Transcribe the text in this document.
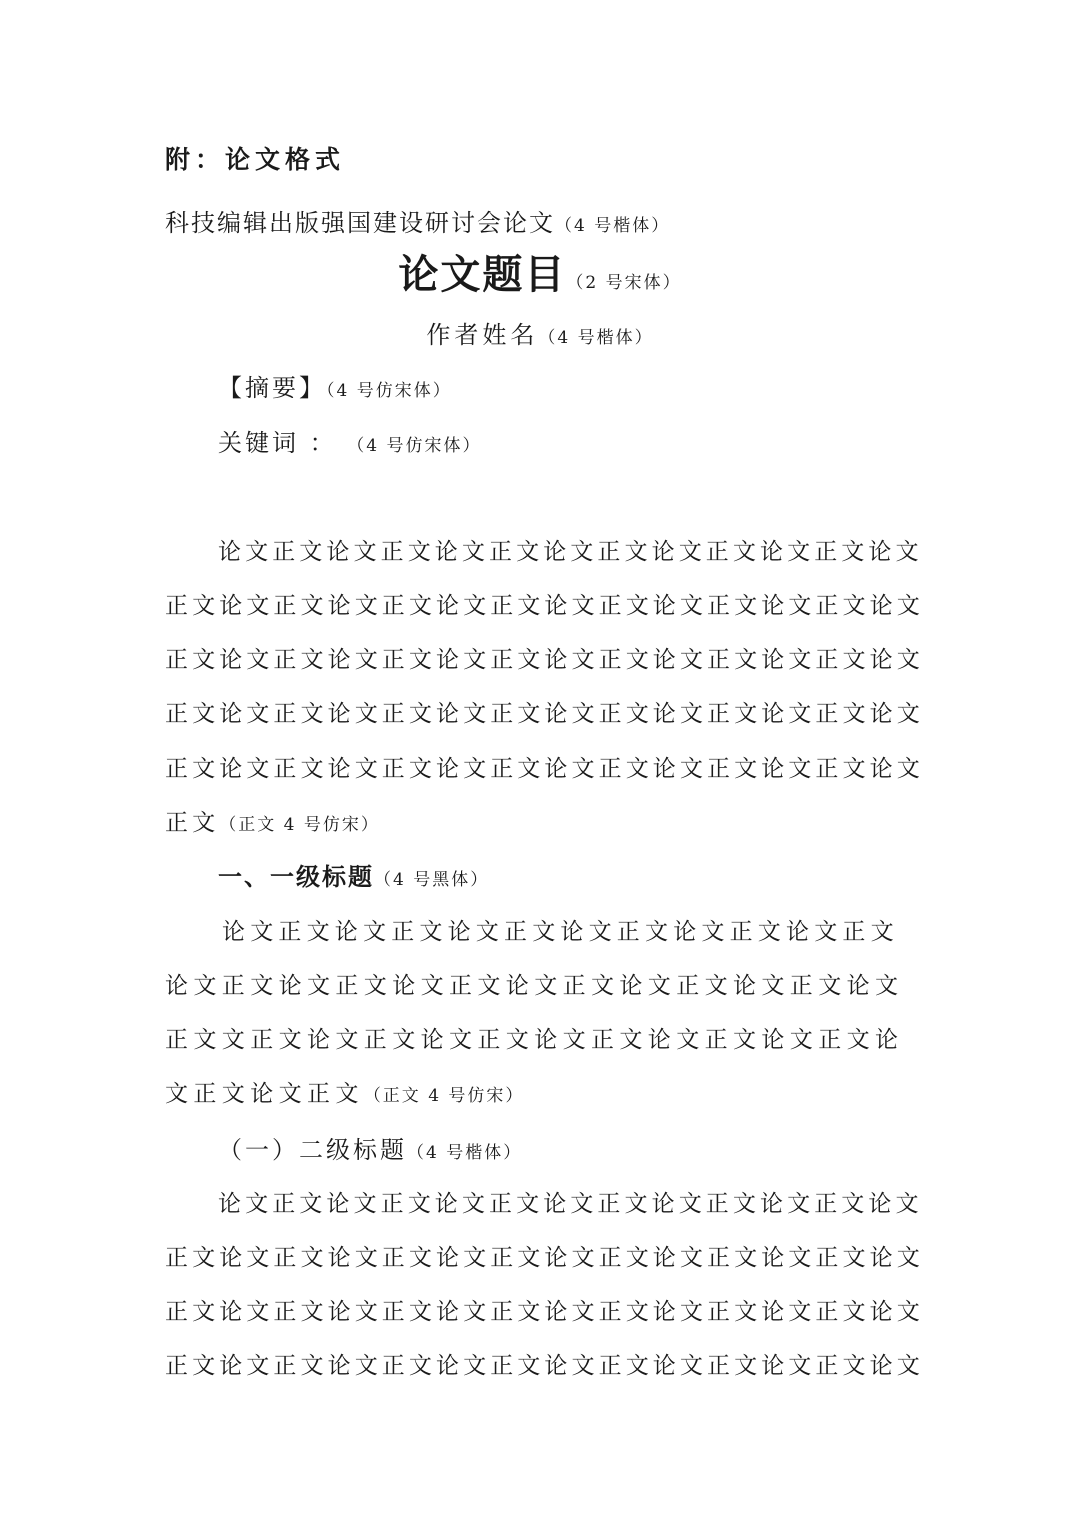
附：论文格式
科技编辑出版强国建设研讨会论文（4 号楷体）
论文题目（2 号宋体）
作者姓名（4 号楷体）
【摘要】（4 号仿宋体）
关键词 ： （4 号仿宋体）
论文正文论文正文论文正文论文正文论文正文论文正文论文
正文论文正文论文正文论文正文论文正文论文正文论文正文论文
正文论文正文论文正文论文正文论文正文论文正文论文正文论文
正文论文正文论文正文论文正文论文正文论文正文论文正文论文
正文论文正文论文正文论文正文论文正文论文正文论文正文论文
正文（正文 4 号仿宋）
一、一级标题（4 号黑体）
论文正文论文正文论文正文论文正文论文正文论文正文
论文正文论文正文论文正文论文正文论文正文论文正文论文
正文文正文论文正文论文正文论文正文论文正文论文正文论
文正文论文正文（正文 4 号仿宋）
（一）二级标题（4 号楷体）
论文正文论文正文论文正文论文正文论文正文论文正文论文
正文论文正文论文正文论文正文论文正文论文正文论文正文论文
正文论文正文论文正文论文正文论文正文论文正文论文正文论文
正文论文正文论文正文论文正文论文正文论文正文论文正文论文
